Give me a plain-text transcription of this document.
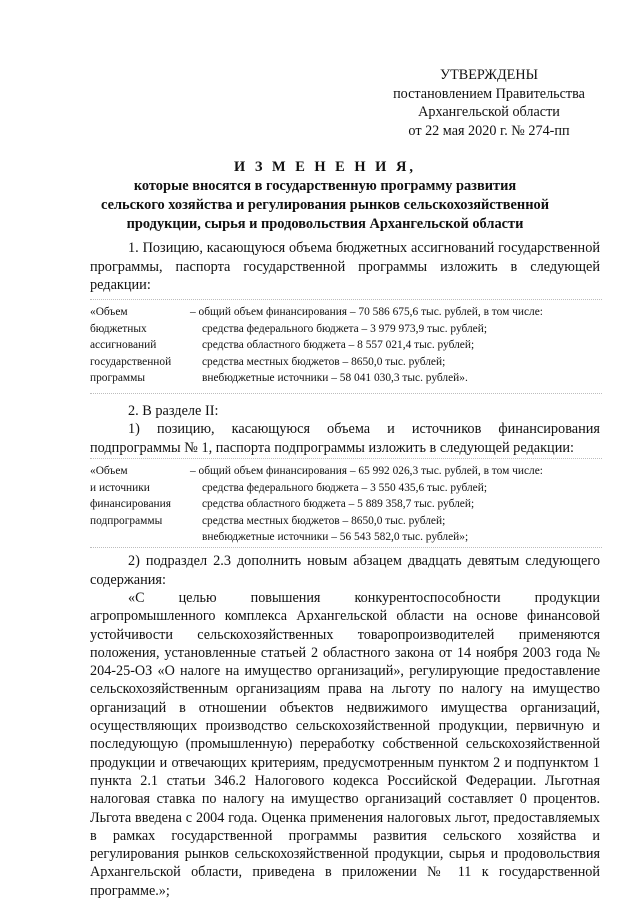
УТВЕРЖДЕНЫ
постановлением Правительства
Архангельской области
от 22 мая 2020 г. № 274-пп
И З М Е Н Е Н И Я,
которые вносятся в государственную программу развития
сельского хозяйства и регулирования рынков сельскохозяйственной
продукции, сырья и продовольствия Архангельской области
1. Позицию, касающуюся объема бюджетных ассигнований государственной программы, паспорта государственной программы изложить в следующей редакции:
«Объем
бюджетных
ассигнований
государственной
программы
– общий объем финансирования – 70 586 675,6 тыс. рублей, в том числе:
средства федерального бюджета – 3 979 973,9 тыс. рублей;
средства областного бюджета – 8 557 021,4 тыс. рублей;
средства местных бюджетов – 8650,0 тыс. рублей;
внебюджетные источники – 58 041 030,3 тыс. рублей».
2. В разделе II:
1) позицию, касающуюся объема и источников финансирования подпрограммы № 1, паспорта подпрограммы изложить в следующей редакции:
«Объем
и источники
финансирования
подпрограммы
– общий объем финансирования – 65 992 026,3 тыс. рублей, в том числе:
средства федерального бюджета – 3 550 435,6 тыс. рублей;
средства областного бюджета – 5 889 358,7 тыс. рублей;
средства местных бюджетов – 8650,0 тыс. рублей;
внебюджетные источники – 56 543 582,0 тыс. рублей»;
2) подраздел 2.3 дополнить новым абзацем двадцать девятым следующего содержания:
«С целью повышения конкурентоспособности продукции агропромышленного комплекса Архангельской области на основе финансовой устойчивости сельскохозяйственных товаропроизводителей применяются положения, установленные статьей 2 областного закона от 14 ноября 2003 года № 204-25-ОЗ «О налоге на имущество организаций», регулирующие предоставление сельскохозяйственным организациям права на льготу по налогу на имущество организаций в отношении объектов недвижимого имущества организаций, осуществляющих производство сельскохозяйственной продукции, первичную и последующую (промышленную) переработку собственной сельскохозяйственной продукции и отвечающих критериям, предусмотренным пунктом 2 и подпунктом 1 пункта 2.1 статьи 346.2 Налогового кодекса Российской Федерации. Льготная налоговая ставка по налогу на имущество организаций составляет 0 процентов. Льгота введена с 2004 года. Оценка применения налоговых льгот, предоставляемых в рамках государственной программы развития сельского хозяйства и регулирования рынков сельскохозяйственной продукции, сырья и продовольствия Архангельской области, приведена в приложении № 11 к государственной программе.»;
